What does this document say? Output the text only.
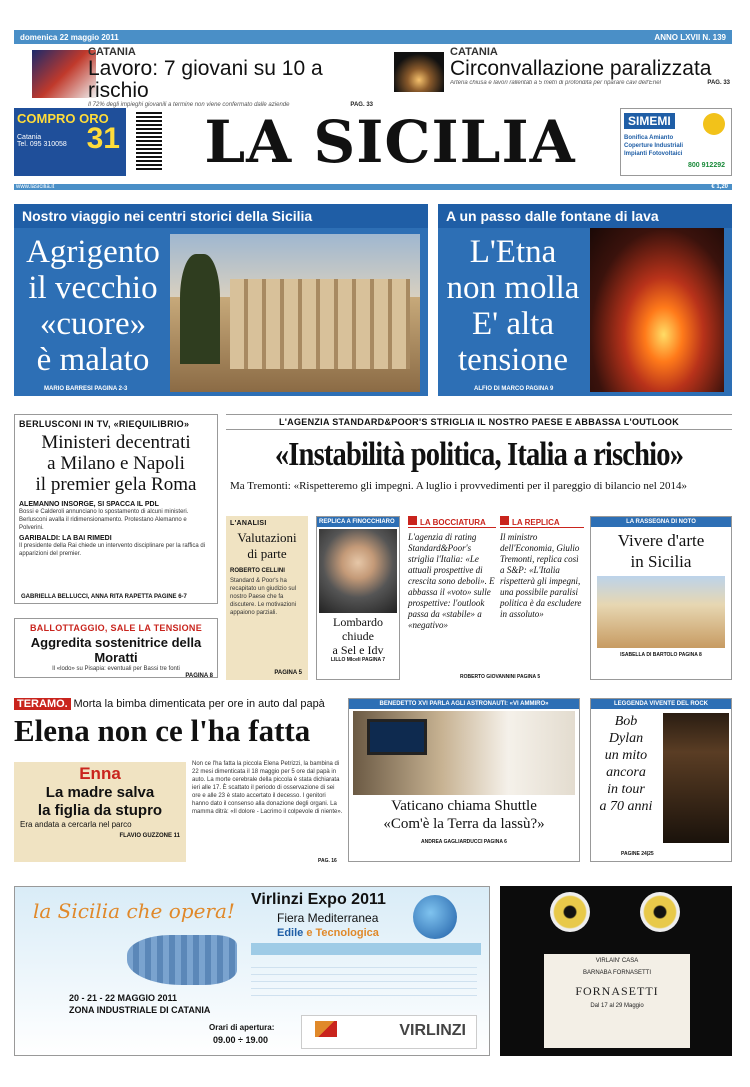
domenica 22 maggio 2011	ANNO LXVII N. 139
CATANIA
Lavoro: 7 giovani su 10 a rischio
Il 72% degli impieghi giovanili a termine non viene confermato dalle aziende	PAG. 33
CATANIA
Circonvallazione paralizzata
Arteria chiusa e lavori rallentati a 5 metri di profondità per riparare cavi dell'Enel	PAG. 33
COMPRO ORO
31
Catania
Tel. 095 310058	LA SICILIA	SIMEMI
Bonifica Amianto
Coperture Industriali
Impianti Fotovoltaici
800 912292
www.lasicilia.it	€ 1,20
Nostro viaggio nei centri storici della Sicilia
Agrigento
il vecchio
«cuore»
è malato
MARIO BARRESI PAGINA 2-3
A un passo dalle fontane di lava
L'Etna
non molla
E' alta
tensione
ALFIO DI MARCO PAGINA 9
BERLUSCONI IN TV, «RIEQUILIBRIO»
Ministeri decentrati
a Milano e Napoli
il premier gela Roma
ALEMANNO INSORGE, SI SPACCA IL PDL
Bossi e Calderoli annunciano lo spostamento di alcuni ministeri. Berlusconi avalla il ridimensionamento. Protestano Alemanno e Polverini.
GARIBALDI: LA BAI RIMEDI
Il presidente della Rai chiede un intervento disciplinare per la raffica di apparizioni del premier.
GABRIELLA BELLUCCI, ANNA RITA RAPETTA PAGINE 6-7
BALLOTTAGGIO, SALE LA TENSIONE
Aggredita sostenitrice della Moratti
Il «lodo» su Pisapia: eventuali per Bassi tre fonti
PAGINA 8
L'AGENZIA STANDARD&POOR'S STRIGLIA IL NOSTRO PAESE E ABBASSA L'OUTLOOK
«Instabilità politica, Italia a rischio»
Ma Tremonti: «Rispetteremo gli impegni. A luglio i provvedimenti per il pareggio di bilancio nel 2014»
L'ANALISI
Valutazioni
di parte
ROBERTO CELLINI
Standard & Poor's ha recapitato un giudizio sul nostro Paese che fa discutere. Le motivazioni appaiono parziali.
PAGINA 5
REPLICA A FINOCCHIARO
Lombardo
chiude
a Sel e Idv
LILLO MIceli PAGINA 7
LA BOCCIATURA
L'agenzia di rating Standard&Poor's striglia l'Italia: «Le attuali prospettive di crescita sono deboli». E abbassa il «voto» sulle prospettive: l'outlook passa da «stabile» a «negativo»
LA REPLICA
Il ministro dell'Economia, Giulio Tremonti, replica così a S&P: «L'Italia rispetterà gli impegni, una possibile paralisi politica è da escludere in assoluto»
ROBERTO GIOVANNINI PAGINA 5
LA RASSEGNA DI NOTO
Vivere d'arte
in Sicilia
ISABELLA DI BARTOLO PAGINA 8
TERAMO. Morta la bimba dimenticata per ore in auto dal papà
Elena non ce l'ha fatta
Non ce l'ha fatta la piccola Elena Petrizzi, la bambina di 22 mesi dimenticata il 18 maggio per 5 ore dal papà in auto. La morte cerebrale della piccola è stata dichiarata ieri alle 17. È scattato il periodo di osservazione di sei ore e alle 23 è stato accertato il decesso. I genitori hanno dato il consenso alla donazione degli organi. La mamma ditrà: «Il dolore - Lacrimo il colpevole di niente».
PAG. 16
Enna
La madre salva
la figlia da stupro
Era andata a cercarla nel parco
FLAVIO GUZZONE 11
BENEDETTO XVI PARLA AGLI ASTRONAUTI: «VI AMMIRO»
Vaticano chiama Shuttle
«Com'è la Terra da lassù?»
ANDREA GAGLIARDUCCI PAGINA 6
LEGGENDA VIVENTE DEL ROCK
Bob
Dylan
un mito
ancora
in tour
a 70 anni
PAGINE 24|25
la Sicilia che opera! Virlinzi Expo 2011
Fiera Mediterranea
Edile e Tecnologica
20 - 21 - 22 MAGGIO 2011
ZONA INDUSTRIALE DI CATANIA
Orari di apertura:
09.00 ÷ 19.00
VIRLINZI
VIRLAIN' CASA
BARNABA FORNASETTI
FORNASETTI
Dal 17 al 29 Maggio
